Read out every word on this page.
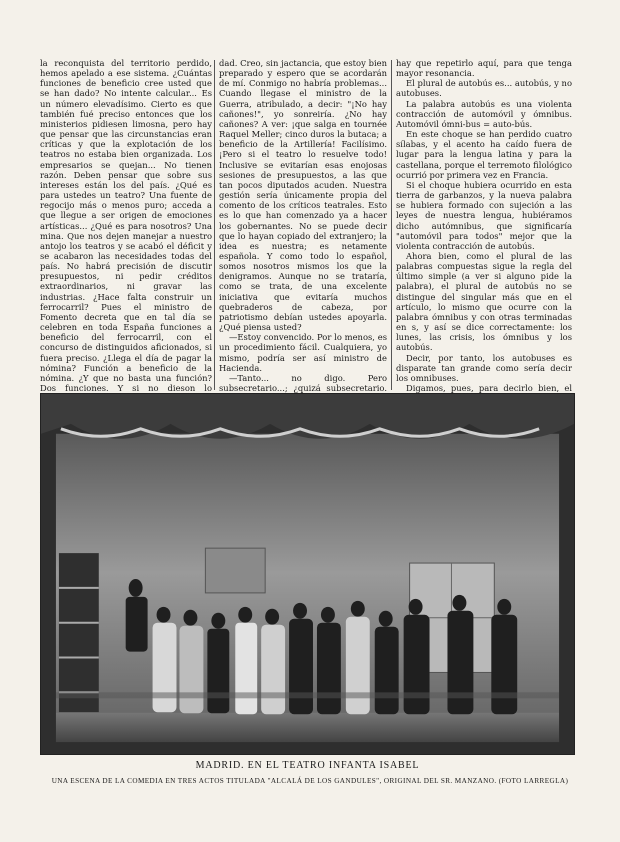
la reconquista del territorio perdido, hemos apelado a ese sistema. ¿Cuántas funciones de beneficio cree usted que se han dado? No intente calcular... Es un número elevadísimo. Cierto es que también fué preciso entonces que los ministerios pidiesen limosna, pero hay que pensar que las circunstancias eran críticas y que la explotación de los teatros no estaba bien organizada. Los empresarios se quejan... No tienen razón. Deben pensar que sobre sus intereses están los del país. ¿Qué es para ustedes un teatro? Una fuente de regocijo más o menos puro; acceda a que llegue a ser origen de emociones artísticas... ¿Qué es para nosotros? Una mina. Que nos dejen manejar a nuestro antojo los teatros y se acabó el déficit y se acabaron las necesidades todas del país. No habrá precisión de discutir presupuestos, ni pedir créditos extraordinarios, ni gravar las industrias. ¿Hace falta construir un ferrocarril? Pues el ministro de Fomento decreta que en tal día se celebren en toda España funciones a beneficio del ferrocarril, con el concurso de distinguidos aficionados, si fuera preciso. ¿Llega el día de pagar la nómina? Función a beneficio de la nómina. ¿Y que no basta una función? Dos funciones. Y si no dieson lo

dad. Creo, sin jactancia, que estoy bien preparado y espero que se acordarán de mí. Conmigo no habría problemas... Cuando llegase el ministro de la Guerra, atribulado, a decir: "¡No hay cañones!", yo sonreiría. ¿No hay cañones? A ver: ¡que salga en tournée Raquel Meller; cinco duros la butaca; a beneficio de la Artillería! Facilísimo. ¡Pero si el teatro lo resuelve todo! Inclusive se evitarían esas enojosas sesiones de presupuestos, a las que tan pocos diputados acuden. Nuestra gestión sería únicamente propia del comento de los críticos teatrales. Esto es lo que han comenzado ya a hacer los gobernantes. No se puede decir que lo hayan copiado del extranjero; la idea es nuestra; es netamente española. Y como todo lo español, somos nosotros mismos los que la denigramos. Aunque no se trataría, como se trata, de una excelente iniciativa que evitaría muchos quebraderos de cabeza, por patriotismo debían ustedes apoyarla. ¿Qué piensa usted?

—Estoy convencido. Por lo menos, es un procedimiento fácil. Cualquiera, yo mismo, podría ser así ministro de Hacienda.

—Tanto... no digo. Pero subsecretario...; ¿quizá subsecretario.

hay que repetirlo aquí, para que tenga mayor resonancia.

El plural de autobús es... autobús, y no autobuses.

La palabra autobús es una violenta contracción de automóvil y ómnibus. Automóvil ómni-bus = auto-bús.

En este choque se han perdido cuatro sílabas, y el acento ha caído fuera de lugar para la lengua latina y para la castellana, porque el terremoto filológico ocurrió por primera vez en Francia.

Si el choque hubiera ocurrido en esta tierra de garbanzos, y la nueva palabra se hubiera formado con sujeción a las leyes de nuestra lengua, hubiéramos dicho autómnibus, que significaría "automóvil para todos" mejor que la violenta contracción de autobús.

Ahora bien, como el plural de las palabras compuestas sigue la regla del último simple (a ver si alguno pide la palabra), el plural de autobús no se distingue del singular más que en el artículo, lo mismo que ocurre con la palabra ómnibus y con otras terminadas en s, y así se dice correctamente: los lunes, las crisis, los ómnibus y los autobús.

Decir, por tanto, los autobuses es disparate tan grande como sería decir los omnibuses.

Digamos, pues, para decirlo bien, el

MADRID. EN EL TEATRO INFANTA ISABEL
UNA ESCENA DE LA COMEDIA EN TRES ACTOS TITULADA "ALCALÁ DE LOS GANDULES", ORIGINAL DEL SR. MANZANO. (FOTO LARREGLA)
